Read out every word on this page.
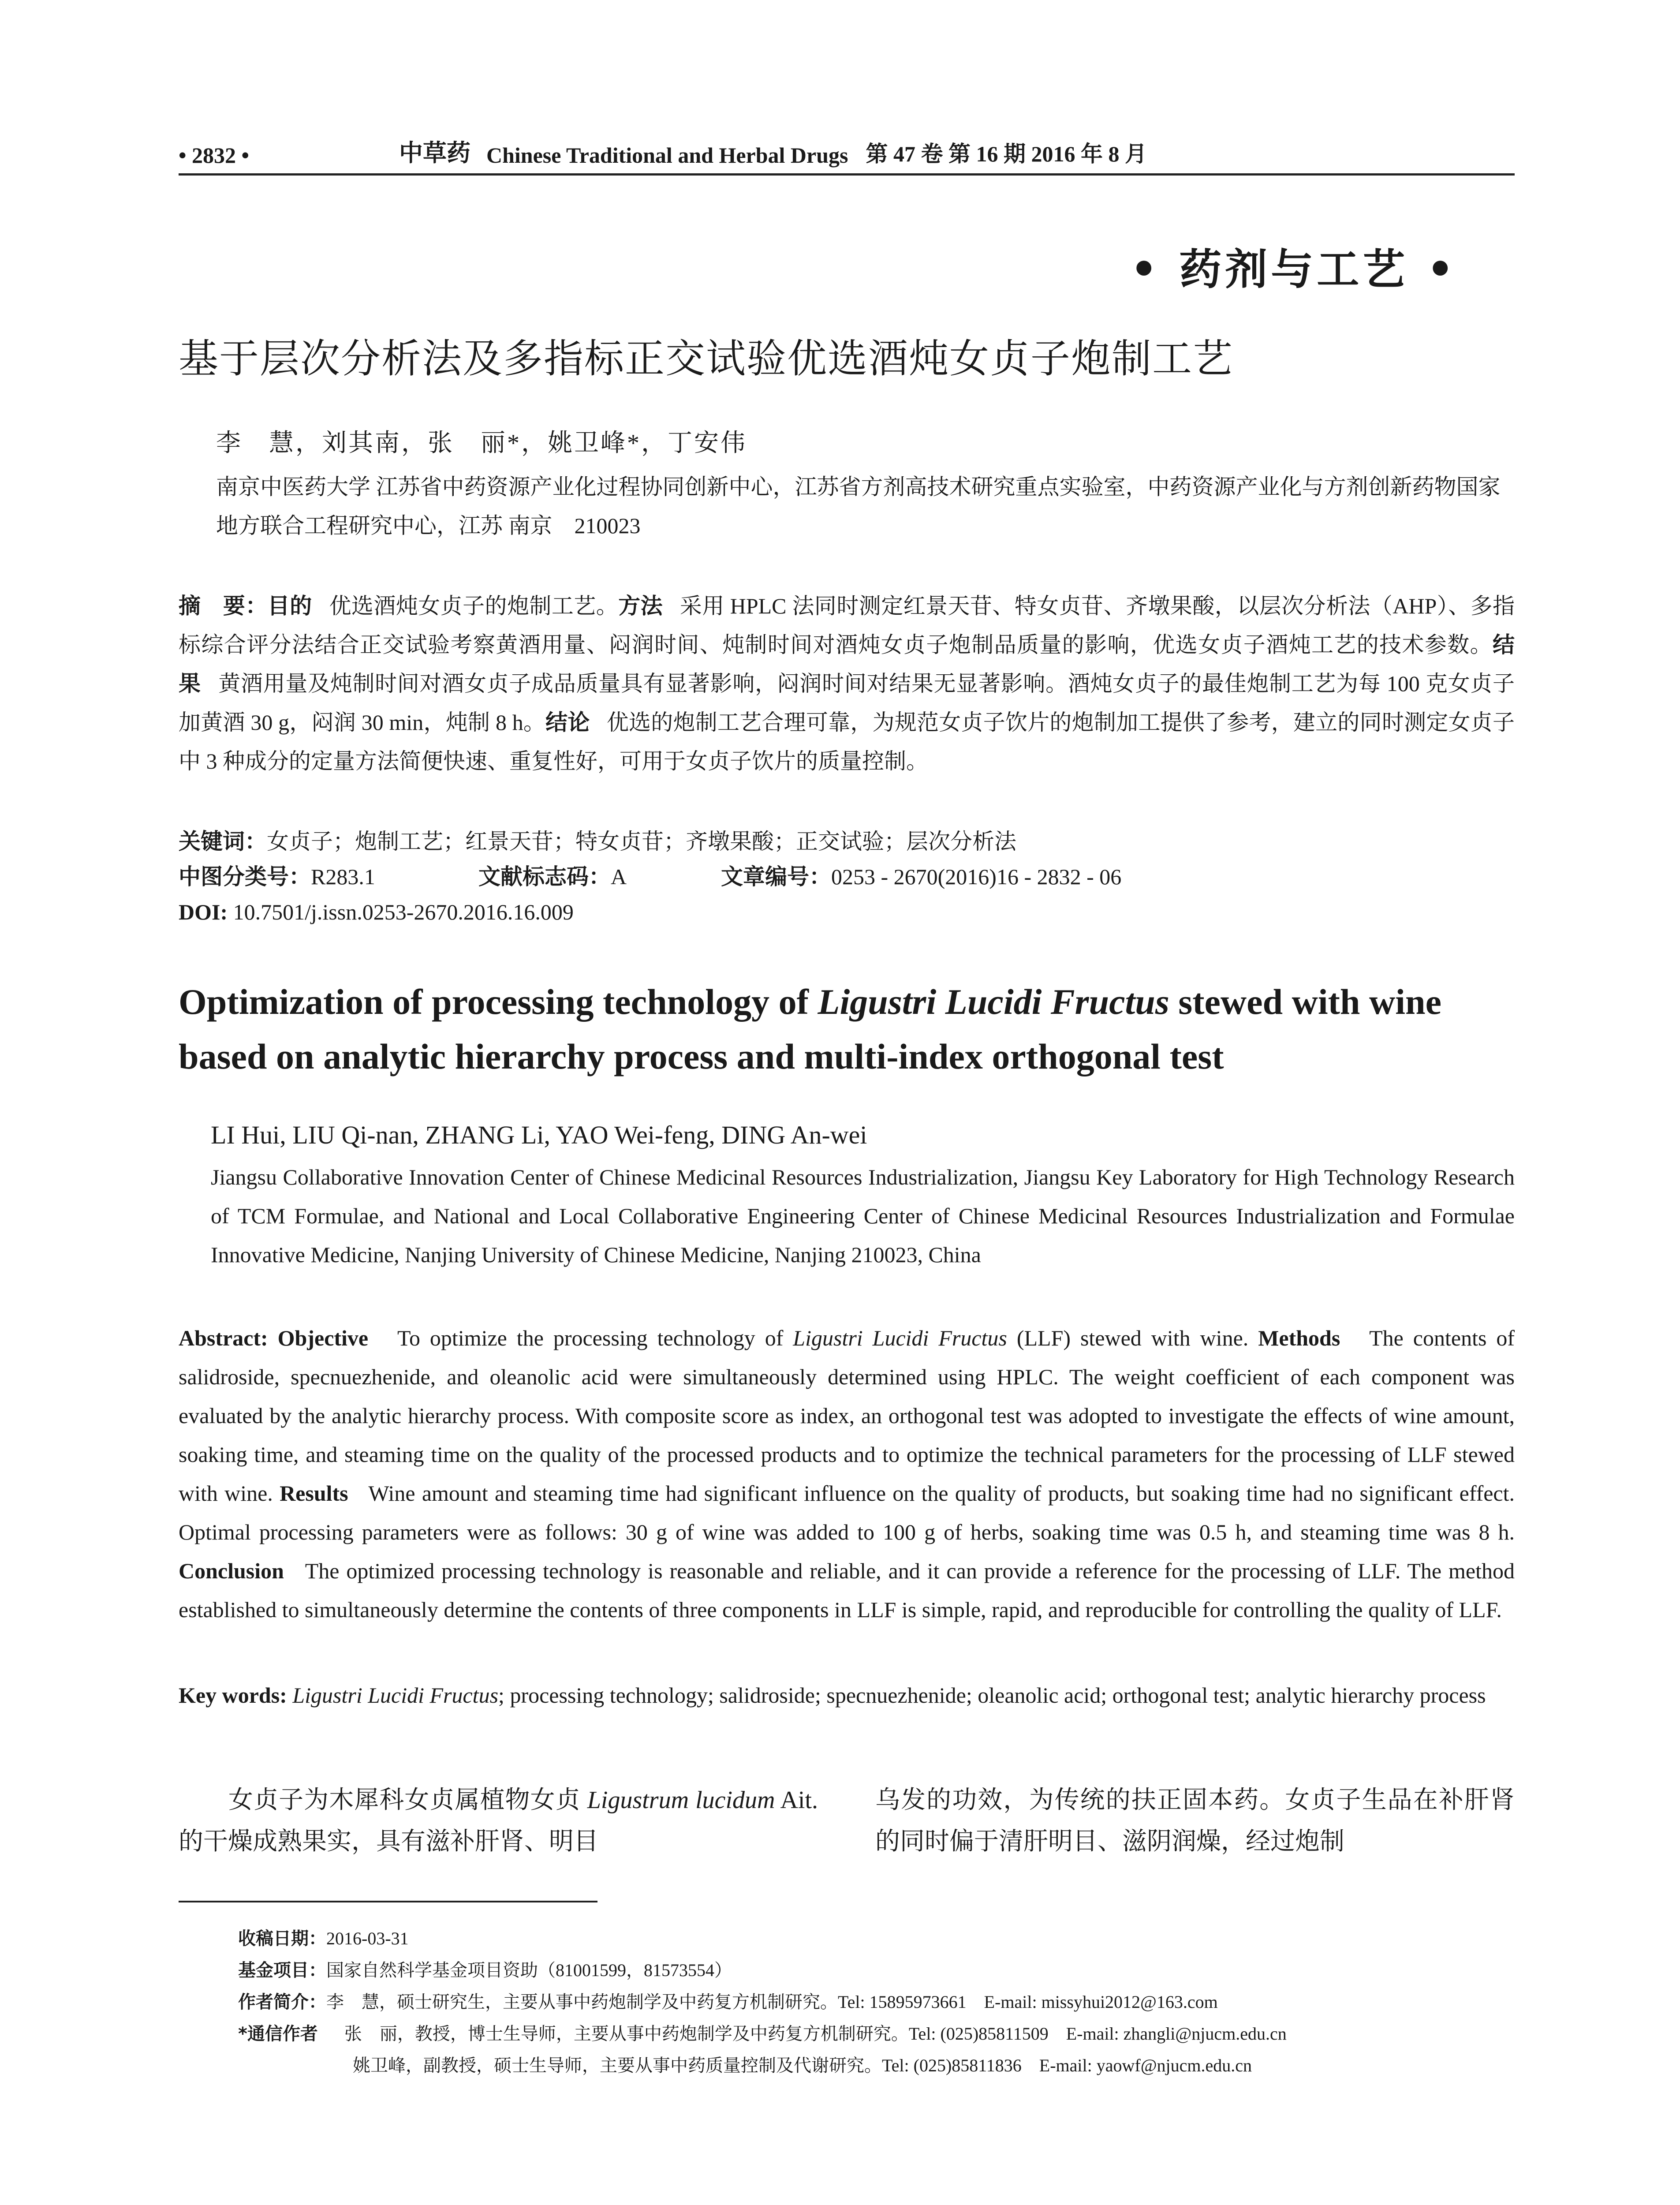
• 2832 •	中草药 Chinese Traditional and Herbal Drugs 第 47 卷 第 16 期 2016 年 8 月
• 药剂与工艺 •
基于层次分析法及多指标正交试验优选酒炖女贞子炮制工艺
李　慧，刘其南，张　丽*，姚卫峰*，丁安伟
南京中医药大学 江苏省中药资源产业化过程协同创新中心，江苏省方剂高技术研究重点实验室，中药资源产业化与方剂创新药物国家地方联合工程研究中心，江苏 南京　210023
摘　要：目的 优选酒炖女贞子的炮制工艺。方法 采用 HPLC 法同时测定红景天苷、特女贞苷、齐墩果酸，以层次分析法（AHP）、多指标综合评分法结合正交试验考察黄酒用量、闷润时间、炖制时间对酒炖女贞子炮制品质量的影响，优选女贞子酒炖工艺的技术参数。结果 黄酒用量及炖制时间对酒女贞子成品质量具有显著影响，闷润时间对结果无显著影响。酒炖女贞子的最佳炮制工艺为每 100 克女贞子加黄酒 30 g，闷润 30 min，炖制 8 h。结论 优选的炮制工艺合理可靠，为规范女贞子饮片的炮制加工提供了参考，建立的同时测定女贞子中 3 种成分的定量方法简便快速、重复性好，可用于女贞子饮片的质量控制。
关键词：女贞子；炮制工艺；红景天苷；特女贞苷；齐墩果酸；正交试验；层次分析法
中图分类号：R283.1	文献标志码：A	文章编号：0253 - 2670(2016)16 - 2832 - 06
DOI: 10.7501/j.issn.0253-2670.2016.16.009
Optimization of processing technology of Ligustri Lucidi Fructus stewed with wine based on analytic hierarchy process and multi-index orthogonal test
LI Hui, LIU Qi-nan, ZHANG Li, YAO Wei-feng, DING An-wei
Jiangsu Collaborative Innovation Center of Chinese Medicinal Resources Industrialization, Jiangsu Key Laboratory for High Technology Research of TCM Formulae, and National and Local Collaborative Engineering Center of Chinese Medicinal Resources Industrialization and Formulae Innovative Medicine, Nanjing University of Chinese Medicine, Nanjing 210023, China
Abstract: Objective To optimize the processing technology of Ligustri Lucidi Fructus (LLF) stewed with wine. Methods The contents of salidroside, specnuezhenide, and oleanolic acid were simultaneously determined using HPLC. The weight coefficient of each component was evaluated by the analytic hierarchy process. With composite score as index, an orthogonal test was adopted to investigate the effects of wine amount, soaking time, and steaming time on the quality of the processed products and to optimize the technical parameters for the processing of LLF stewed with wine. Results Wine amount and steaming time had significant influence on the quality of products, but soaking time had no significant effect. Optimal processing parameters were as follows: 30 g of wine was added to 100 g of herbs, soaking time was 0.5 h, and steaming time was 8 h. Conclusion The optimized processing technology is reasonable and reliable, and it can provide a reference for the processing of LLF. The method established to simultaneously determine the contents of three components in LLF is simple, rapid, and reproducible for controlling the quality of LLF.
Key words: Ligustri Lucidi Fructus; processing technology; salidroside; specnuezhenide; oleanolic acid; orthogonal test; analytic hierarchy process
女贞子为木犀科女贞属植物女贞 Ligustrum lucidum Ait. 的干燥成熟果实，具有滋补肝肾、明目
乌发的功效，为传统的扶正固本药。女贞子生品在补肝肾的同时偏于清肝明目、滋阴润燥，经过炮制
收稿日期： 2016-03-31
基金项目： 国家自然科学基金项目资助（81001599，81573554）
作者简介： 李　慧，硕士研究生，主要从事中药炮制学及中药复方机制研究。Tel: 15895973661　E-mail: missyhui2012@163.com
*通信作者 张　丽，教授，博士生导师，主要从事中药炮制学及中药复方机制研究。Tel: (025)85811509　E-mail: zhangli@njucm.edu.cn
姚卫峰，副教授，硕士生导师，主要从事中药质量控制及代谢研究。Tel: (025)85811836　E-mail: yaowf@njucm.edu.cn
